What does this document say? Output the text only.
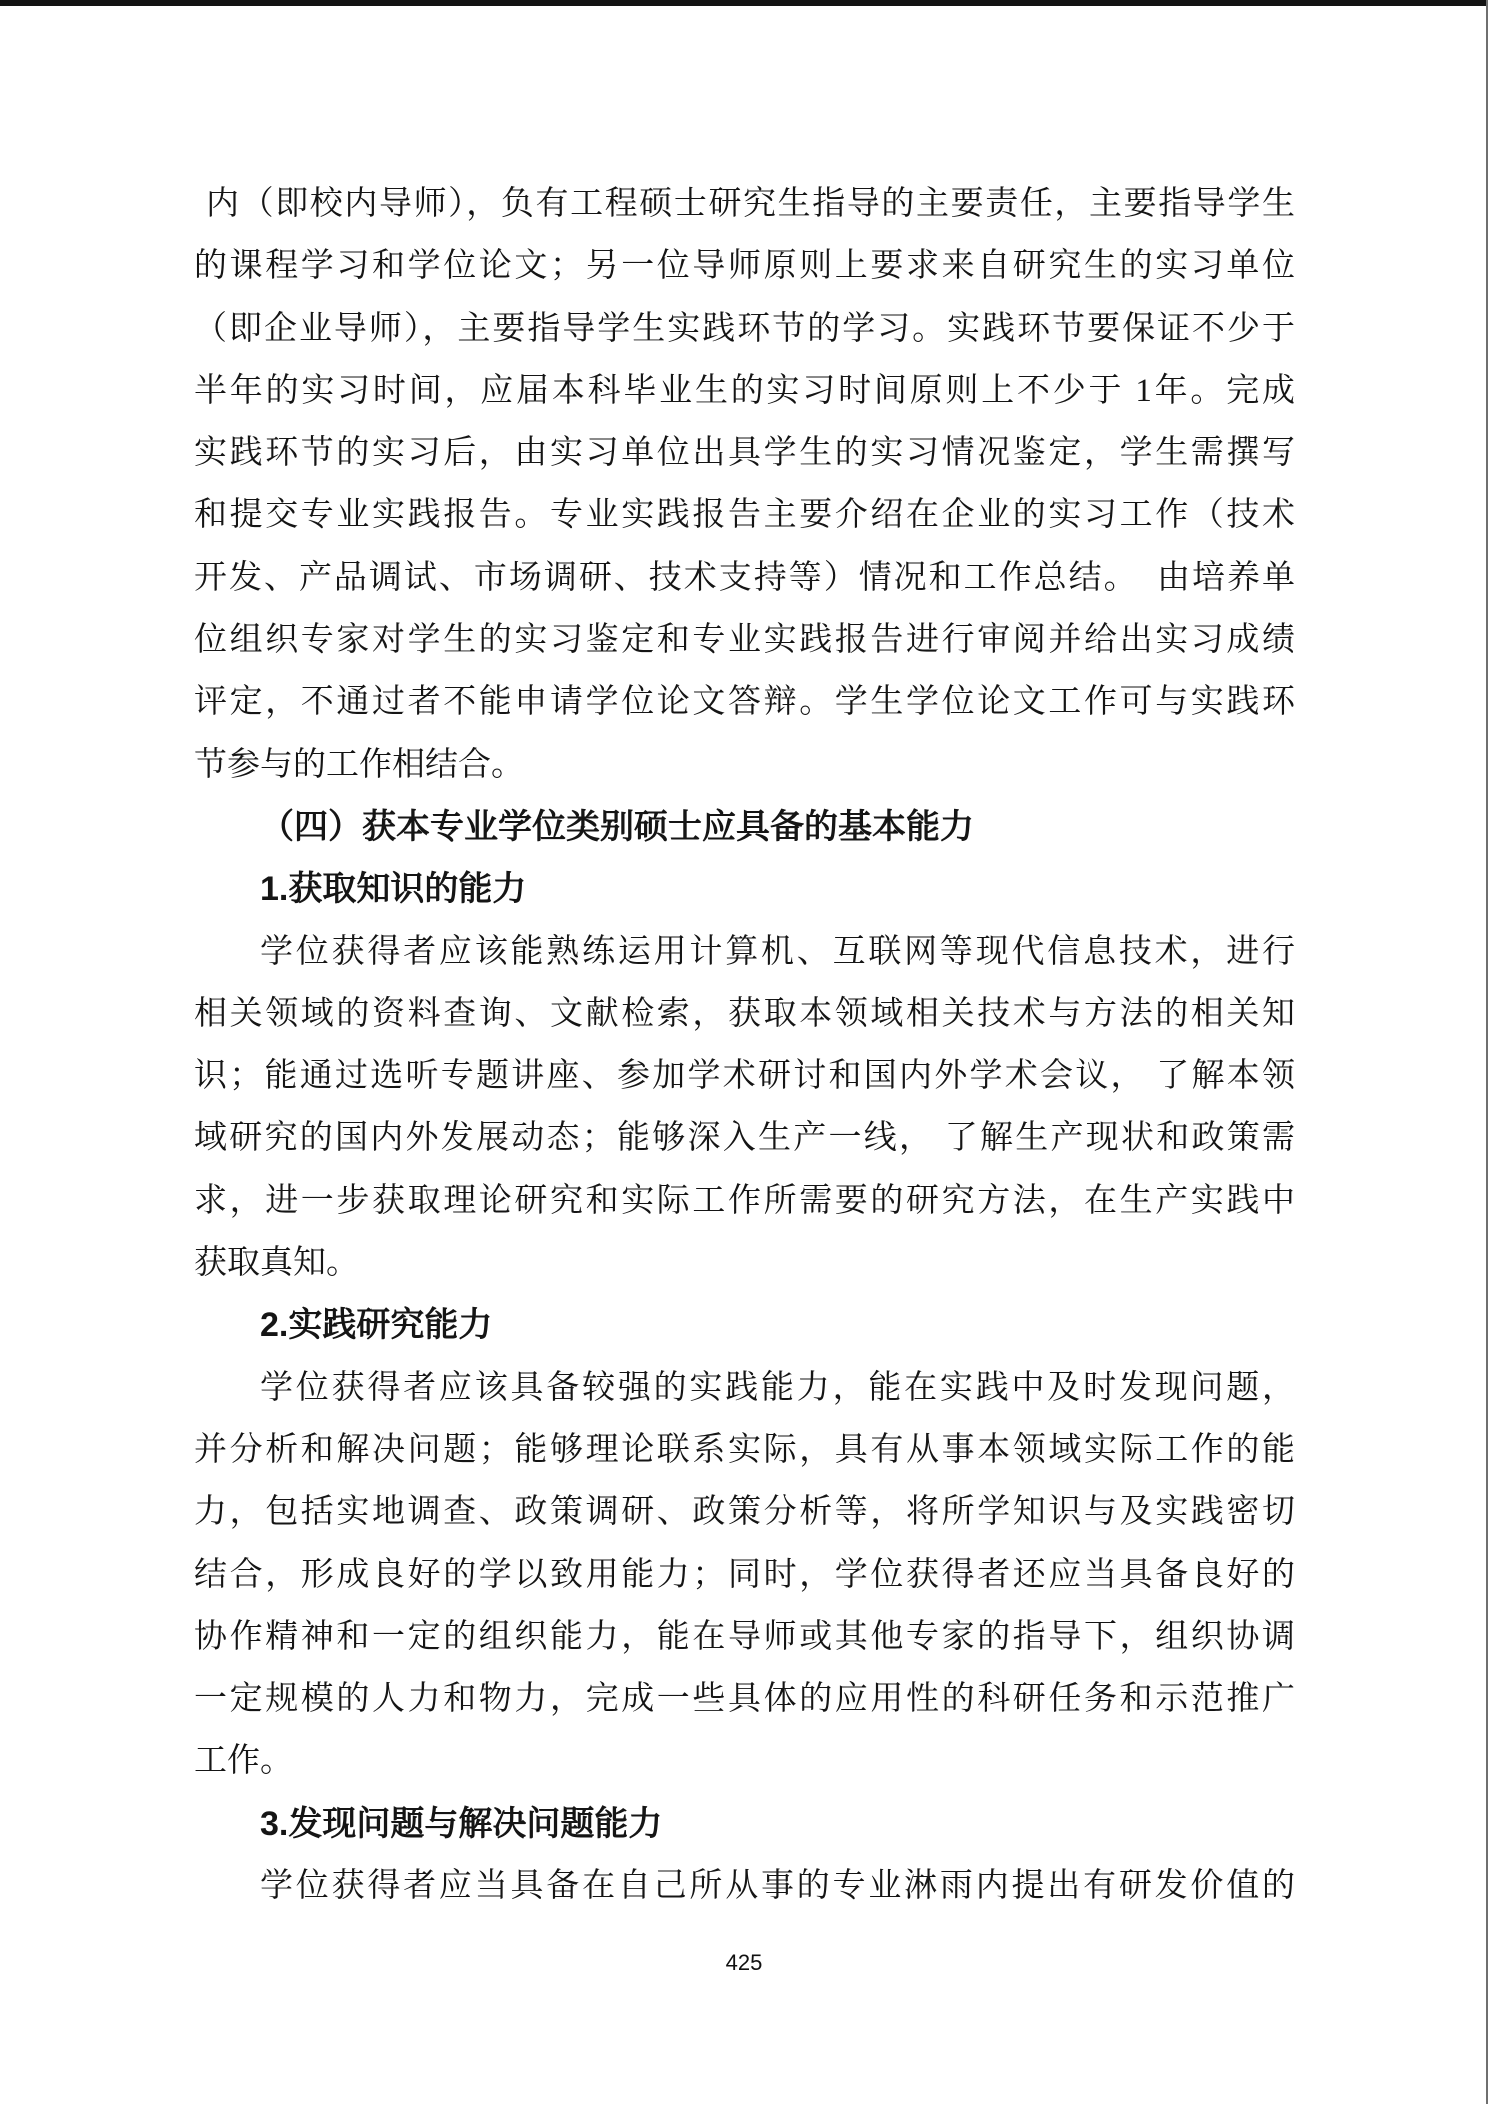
内（即校内导师），负有工程硕士研究生指导的主要责任，主要指导学生
的课程学习和学位论文；另一位导师原则上要求来自研究生的实习单位
（即企业导师），主要指导学生实践环节的学习。实践环节要保证不少于
半年的实习时间，应届本科毕业生的实习时间原则上不少于 1年。完成
实践环节的实习后，由实习单位出具学生的实习情况鉴定，学生需撰写
和提交专业实践报告。专业实践报告主要介绍在企业的实习工作（技术
开发、产品调试、市场调研、技术支持等）情况和工作总结。　由培养单
位组织专家对学生的实习鉴定和专业实践报告进行审阅并给出实习成绩
评定，不通过者不能申请学位论文答辩。学生学位论文工作可与实践环
节参与的工作相结合。
（四）获本专业学位类别硕士应具备的基本能力
1.获取知识的能力
学位获得者应该能熟练运用计算机、互联网等现代信息技术，进行
相关领域的资料查询、文献检索，获取本领域相关技术与方法的相关知
识；能通过选听专题讲座、参加学术研讨和国内外学术会议， 了解本领
域研究的国内外发展动态；能够深入生产一线， 了解生产现状和政策需
求，进一步获取理论研究和实际工作所需要的研究方法，在生产实践中
获取真知。
2.实践研究能力
学位获得者应该具备较强的实践能力，能在实践中及时发现问题，
并分析和解决问题；能够理论联系实际，具有从事本领域实际工作的能
力，包括实地调查、政策调研、政策分析等，将所学知识与及实践密切
结合，形成良好的学以致用能力；同时，学位获得者还应当具备良好的
协作精神和一定的组织能力，能在导师或其他专家的指导下，组织协调
一定规模的人力和物力，完成一些具体的应用性的科研任务和示范推广
工作。
3.发现问题与解决问题能力
学位获得者应当具备在自己所从事的专业淋雨内提出有研发价值的
425
